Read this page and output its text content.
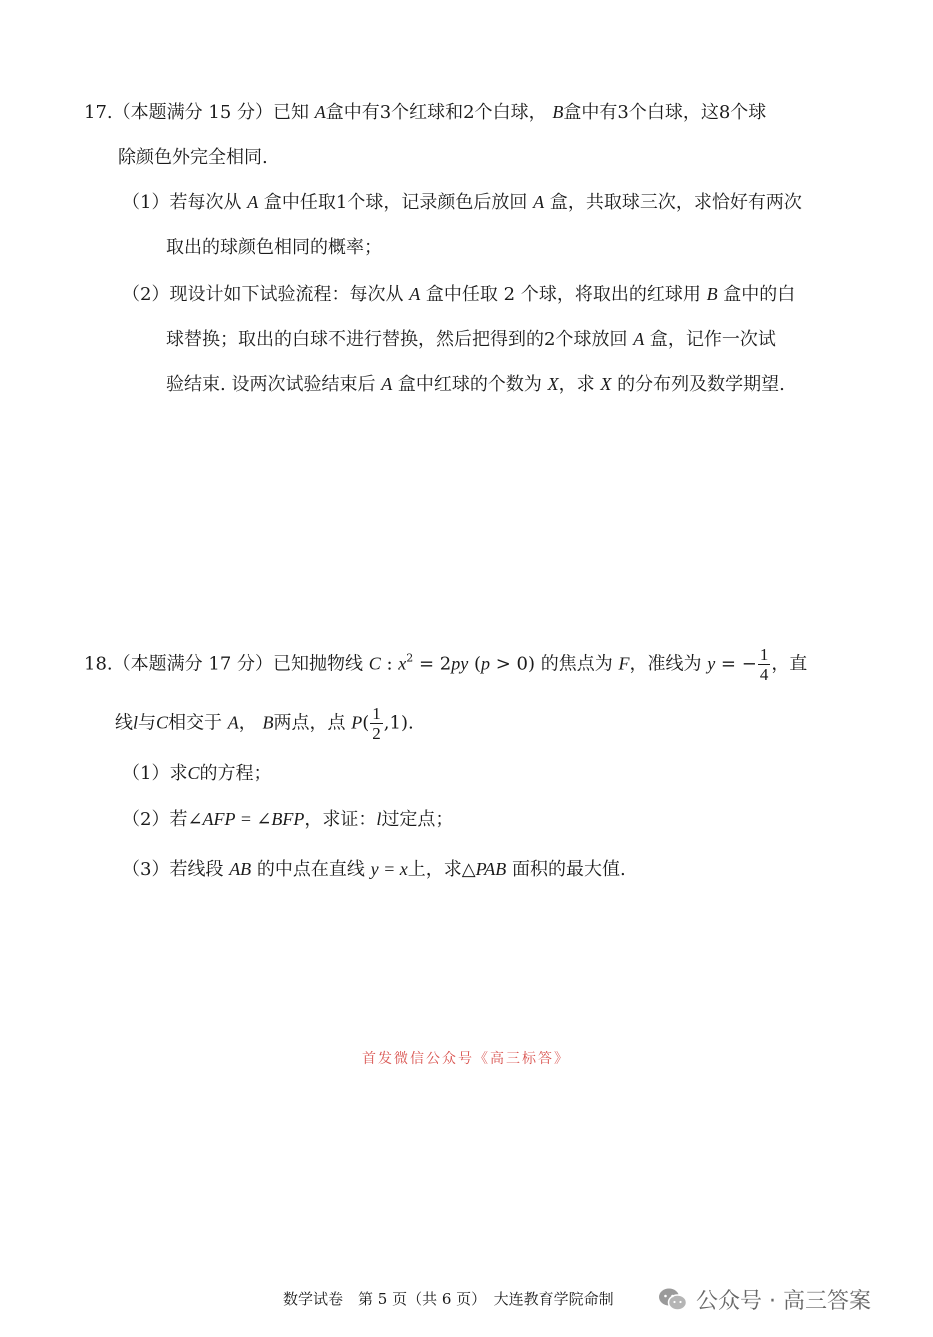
17.（本题满分 15 分）已知 A盒中有3个红球和2个白球， B盒中有3个白球，这8个球
除颜色外完全相同.
（1）若每次从 A 盒中任取1个球，记录颜色后放回 A 盒，共取球三次，求恰好有两次
取出的球颜色相同的概率；
（2）现设计如下试验流程：每次从 A 盒中任取 2 个球，将取出的红球用 B 盒中的白
球替换；取出的白球不进行替换，然后把得到的2个球放回 A 盒，记作一次试
验结束. 设两次试验结束后 A 盒中红球的个数为 X，求 X 的分布列及数学期望.
18.（本题满分 17 分）已知抛物线 C : $x^2 = 2py$ (p > 0) 的焦点为 F，准线为 y = − $\frac{1}{4}$ ，直
线l与C相交于 A， B两点，点 $P( \frac{1}{2} ,1)$.
（1）求C的方程；
（2）若∠AFP = ∠BFP，求证：l过定点；
（3）若线段 AB 的中点在直线 y = x上，求△PAB 面积的最大值.
首发微信公众号《高三标答》
数学试卷　第 5 页（共 6 页）　大连教育学院命制	公众号 · 高三答案
